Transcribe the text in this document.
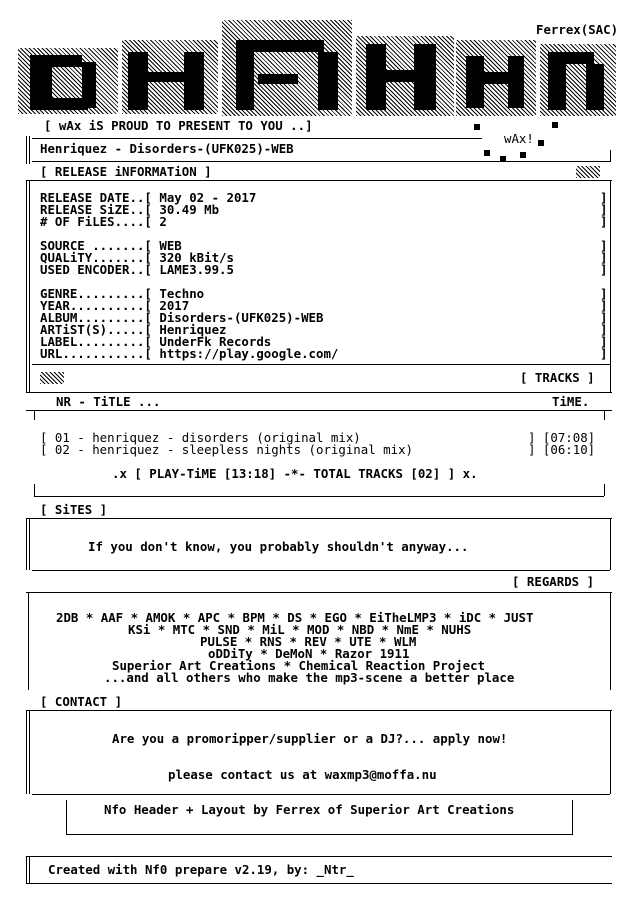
Ferrex(SAC)
[ wAx iS PROUD TO PRESENT TO YOU ..]
wAx!
Henriquez - Disorders-(UFK025)-WEB
[ RELEASE iNFORMATiON ]
RELEASE DATE..[ May 02 - 2017
RELEASE SiZE..[ 30.49 Mb
# OF FiLES....[ 2
SOURCE .......[ WEB
QUALiTY.......[ 320 kBit/s
USED ENCODER..[ LAME3.99.5
GENRE.........[ Techno
YEAR..........[ 2017
ALBUM.........[ Disorders-(UFK025)-WEB
ARTiST(S).....[ Henriquez
LABEL.........[ UnderFk Records
URL...........[ https://play.google.com/
]
]
]
]
]
]
]
]
]
]
]
]
[ TRACKS ]
NR - TiTLE ...	TiME.
[ 01 - henriquez - disorders (original mix)	] [07:08]
[ 02 - henriquez - sleepless nights (original mix)	] [06:10]
.x [ PLAY-TiME [13:18] -*- TOTAL TRACKS [02] ] x.
[ SiTES ]
If you don't know, you probably shouldn't anyway...
[ REGARDS ]
2DB * AAF * AMOK * APC * BPM * DS * EGO * EiTheLMP3 * iDC * JUST
KSi * MTC * SND * MiL * MOD * NBD * NmE * NUHS
PULSE * RNS * REV * UTE * WLM
oDDiTy * DeMoN * Razor 1911
Superior Art Creations * Chemical Reaction Project
...and all others who make the mp3-scene a better place
[ CONTACT ]
Are you a promoripper/supplier or a DJ?... apply now!
please contact us at waxmp3@moffa.nu
Nfo Header + Layout by Ferrex of Superior Art Creations
Created with Nf0 prepare v2.19, by: _Ntr_
